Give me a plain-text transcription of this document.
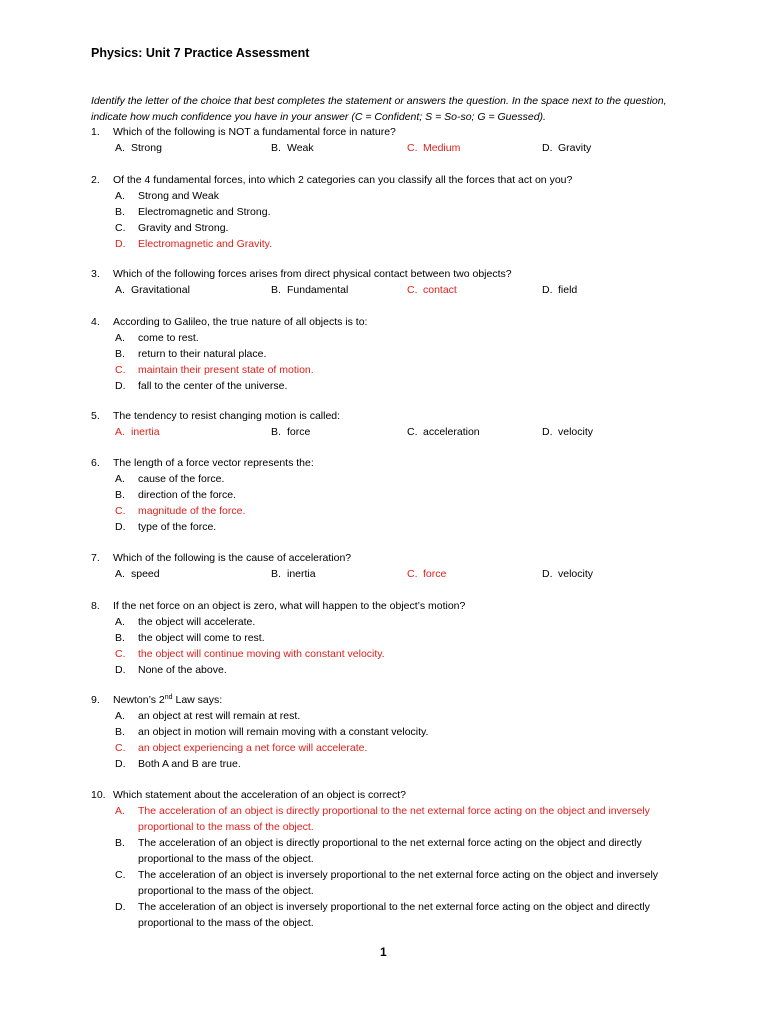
Physics: Unit 7 Practice Assessment
Identify the letter of the choice that best completes the statement or answers the question. In the space next to the question, indicate how much confidence you have in your answer (C = Confident; S = So-so; G = Guessed).
1. Which of the following is NOT a fundamental force in nature?
A. Strong	B. Weak	C. Medium	D. Gravity
2. Of the 4 fundamental forces, into which 2 categories can you classify all the forces that act on you?
A. Strong and Weak
B. Electromagnetic and Strong.
C. Gravity and Strong.
D. Electromagnetic and Gravity.
3. Which of the following forces arises from direct physical contact between two objects?
A. Gravitational	B. Fundamental	C. contact	D. field
4. According to Galileo, the true nature of all objects is to:
A. come to rest.
B. return to their natural place.
C. maintain their present state of motion.
D. fall to the center of the universe.
5. The tendency to resist changing motion is called:
A. inertia	B. force	C. acceleration	D. velocity
6. The length of a force vector represents the:
A. cause of the force.
B. direction of the force.
C. magnitude of the force.
D. type of the force.
7. Which of the following is the cause of acceleration?
A. speed	B. inertia	C. force	D. velocity
8. If the net force on an object is zero, what will happen to the object’s motion?
A. the object will accelerate.
B. the object will come to rest.
C. the object will continue moving with constant velocity.
D. None of the above.
9. Newton’s 2nd Law says:
A. an object at rest will remain at rest.
B. an object in motion will remain moving with a constant velocity.
C. an object experiencing a net force will accelerate.
D. Both A and B are true.
10. Which statement about the acceleration of an object is correct?
A. The acceleration of an object is directly proportional to the net external force acting on the object and inversely proportional to the mass of the object.
B. The acceleration of an object is directly proportional to the net external force acting on the object and directly proportional to the mass of the object.
C. The acceleration of an object is inversely proportional to the net external force acting on the object and inversely proportional to the mass of the object.
D. The acceleration of an object is inversely proportional to the net external force acting on the object and directly proportional to the mass of the object.
1
